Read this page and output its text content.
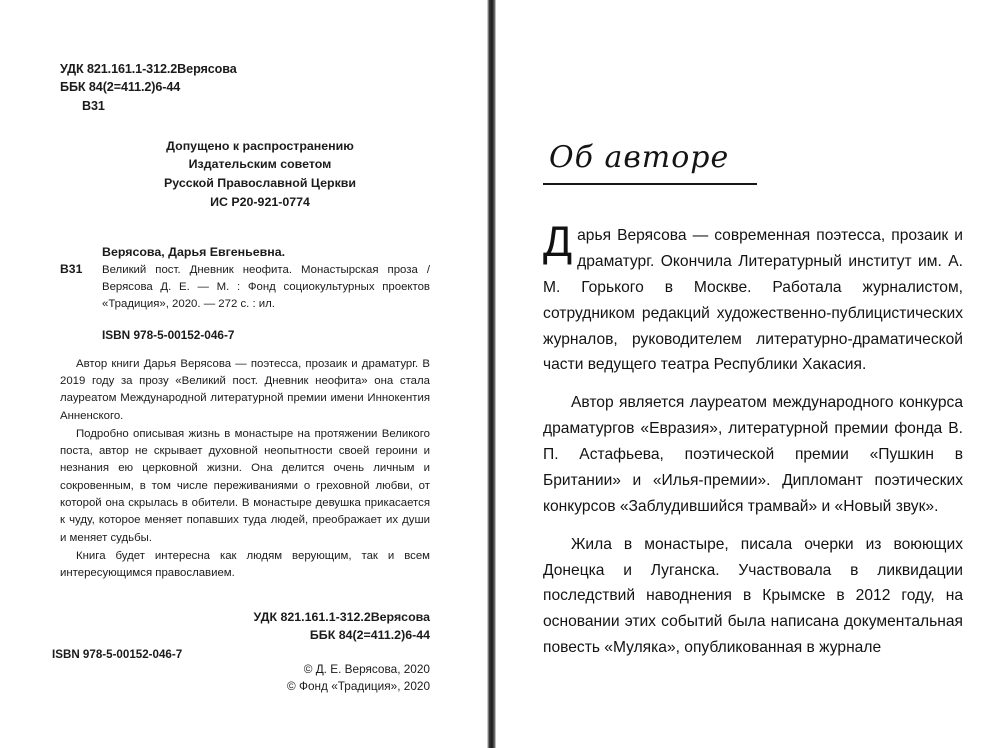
УДК 821.161.1-312.2Верясова
ББК 84(2=411.2)6-44
В31
Допущено к распространению
Издательским советом
Русской Православной Церкви
ИС Р20-921-0774
В31
Верясова, Дарья Евгеньевна.
Великий пост. Дневник неофита. Монастырская проза / Верясова Д. Е. — М. : Фонд социокультурных проектов «Традиция», 2020. — 272 с. : ил.
ISBN 978-5-00152-046-7

Автор книги Дарья Верясова — поэтесса, прозаик и драматург. В 2019 году за прозу «Великий пост. Дневник неофита» она стала лауреатом Международной литературной премии имени Иннокентия Анненского.

Подробно описывая жизнь в монастыре на протяжении Великого поста, автор не скрывает духовной неопытности своей героини и незнания ею церковной жизни. Она делится очень личным и сокровенным, в том числе переживаниями о греховной любви, от которой она скрылась в обители. В монастыре девушка прикасается к чуду, которое меняет попавших туда людей, преображает их души и меняет судьбы.

Книга будет интересна как людям верующим, так и всем интересующимся православием.

УДК 821.161.1-312.2Верясова
ББК 84(2=411.2)6-44
© Д. Е. Верясова, 2020
© Фонд «Традиция», 2020
ISBN 978-5-00152-046-7
Об авторе

Дарья Верясова — современная поэтесса, прозаик и драматург. Окончила Литературный институт им. А. М. Горького в Москве. Работала журналистом, сотрудником редакций художественно-публицистических журналов, руководителем литературно-драматической части ведущего театра Республики Хакасия.

Автор является лауреатом международного конкурса драматургов «Евразия», литературной премии фонда В. П. Астафьева, поэтической премии «Пушкин в Британии» и «Илья-премии». Дипломант поэтических конкурсов «Заблудившийся трамвай» и «Новый звук».

Жила в монастыре, писала очерки из воюющих Донецка и Луганска. Участвовала в ликвидации последствий наводнения в Крымске в 2012 году, на основании этих событий была написана документальная повесть «Муляка», опубликованная в журнале
